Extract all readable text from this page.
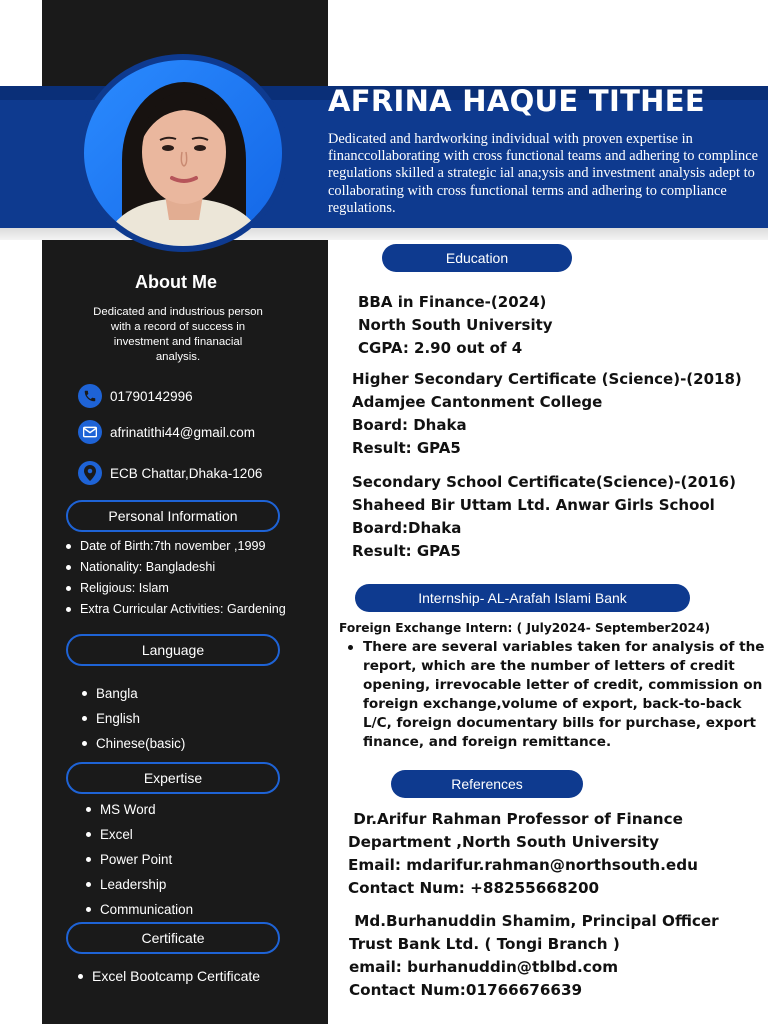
AFRINA HAQUE TITHEE

Dedicated and hardworking individual with proven expertise in financcollaborating with cross functional teams and adhering to complince regulations skilled a strategic ial ana;ysis and investment analysis adept to collaborating with cross functional terms and adhering to compliance regulations.

About Me

Dedicated and industrious person with a record of success in investment and finanacial analysis.

01790142996
afrinatithi44@gmail.com
ECB Chattar,Dhaka-1206
Personal Information
Date of Birth:7th november ,1999
Nationality: Bangladeshi
Religious: Islam
Extra Curricular Activities: Gardening
Language
Bangla
English
Chinese(basic)
Expertise
MS Word
Excel
Power Point
Leadership
Communication
Certificate
Excel Bootcamp Certificate
Education
BBA in Finance-(2024)
North South University
CGPA: 2.90 out of 4
Higher Secondary Certificate (Science)-(2018)
Adamjee Cantonment College
Board: Dhaka
Result: GPA5
Secondary School Certificate(Science)-(2016)
Shaheed Bir Uttam Ltd. Anwar Girls School
Board:Dhaka
Result: GPA5
Internship- AL-Arafah Islami Bank

Foreign Exchange Intern: ( July2024- September2024)

There are several variables taken for analysis of the report, which are the number of letters of credit opening, irrevocable letter of credit, commission on foreign exchange,volume of export, back-to-back L/C, foreign documentary bills for purchase, export finance, and foreign remittance.
References
Dr.Arifur Rahman Professor of Finance
Department ,North South University
Email: mdarifur.rahman@northsouth.edu
Contact Num: +88255668200
Md.Burhanuddin Shamim, Principal Officer
Trust Bank Ltd. ( Tongi Branch )
email: burhanuddin@tblbd.com
Contact Num:01766676639
